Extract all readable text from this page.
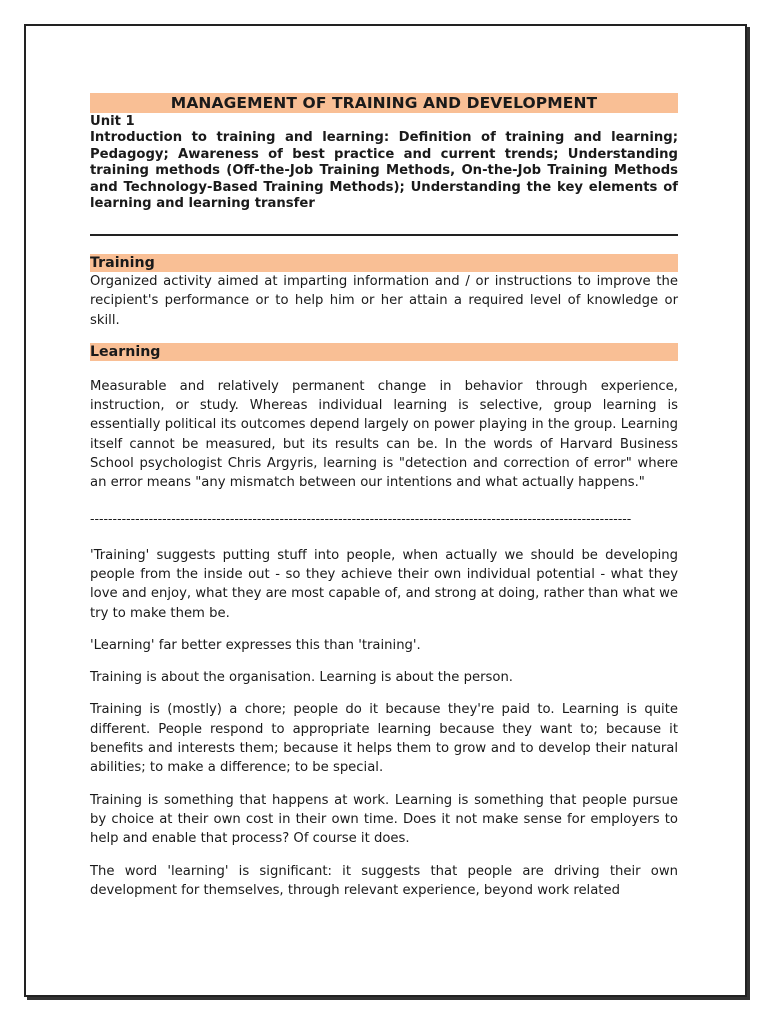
MANAGEMENT OF TRAINING AND DEVELOPMENT
Unit 1
Introduction to training and learning: Definition of training and learning; Pedagogy; Awareness of best practice and current trends; Understanding training methods (Off-the-Job Training Methods, On-the-Job Training Methods and Technology-Based Training Methods); Understanding the key elements of learning and learning transfer
Training

Organized activity aimed at imparting information and / or instructions to improve the recipient's performance or to help him or her attain a required level of knowledge or skill.

Learning

Measurable and relatively permanent change in behavior through experience, instruction, or study. Whereas individual learning is selective, group learning is essentially political its outcomes depend largely on power playing in the group. Learning itself cannot be measured, but its results can be. In the words of Harvard Business School psychologist Chris Argyris, learning is "detection and correction of error" where an error means "any mismatch between our intentions and what actually happens."

------------------------------------------------------------------------------------------------------------------------

'Training' suggests putting stuff into people, when actually we should be developing people from the inside out - so they achieve their own individual potential - what they love and enjoy, what they are most capable of, and strong at doing, rather than what we try to make them be.

'Learning' far better expresses this than 'training'.

Training is about the organisation. Learning is about the person.

Training is (mostly) a chore; people do it because they're paid to. Learning is quite different. People respond to appropriate learning because they want to; because it benefits and interests them; because it helps them to grow and to develop their natural abilities; to make a difference; to be special.

Training is something that happens at work. Learning is something that people pursue by choice at their own cost in their own time. Does it not make sense for employers to help and enable that process? Of course it does.

The word 'learning' is significant: it suggests that people are driving their own development for themselves, through relevant experience, beyond work related
